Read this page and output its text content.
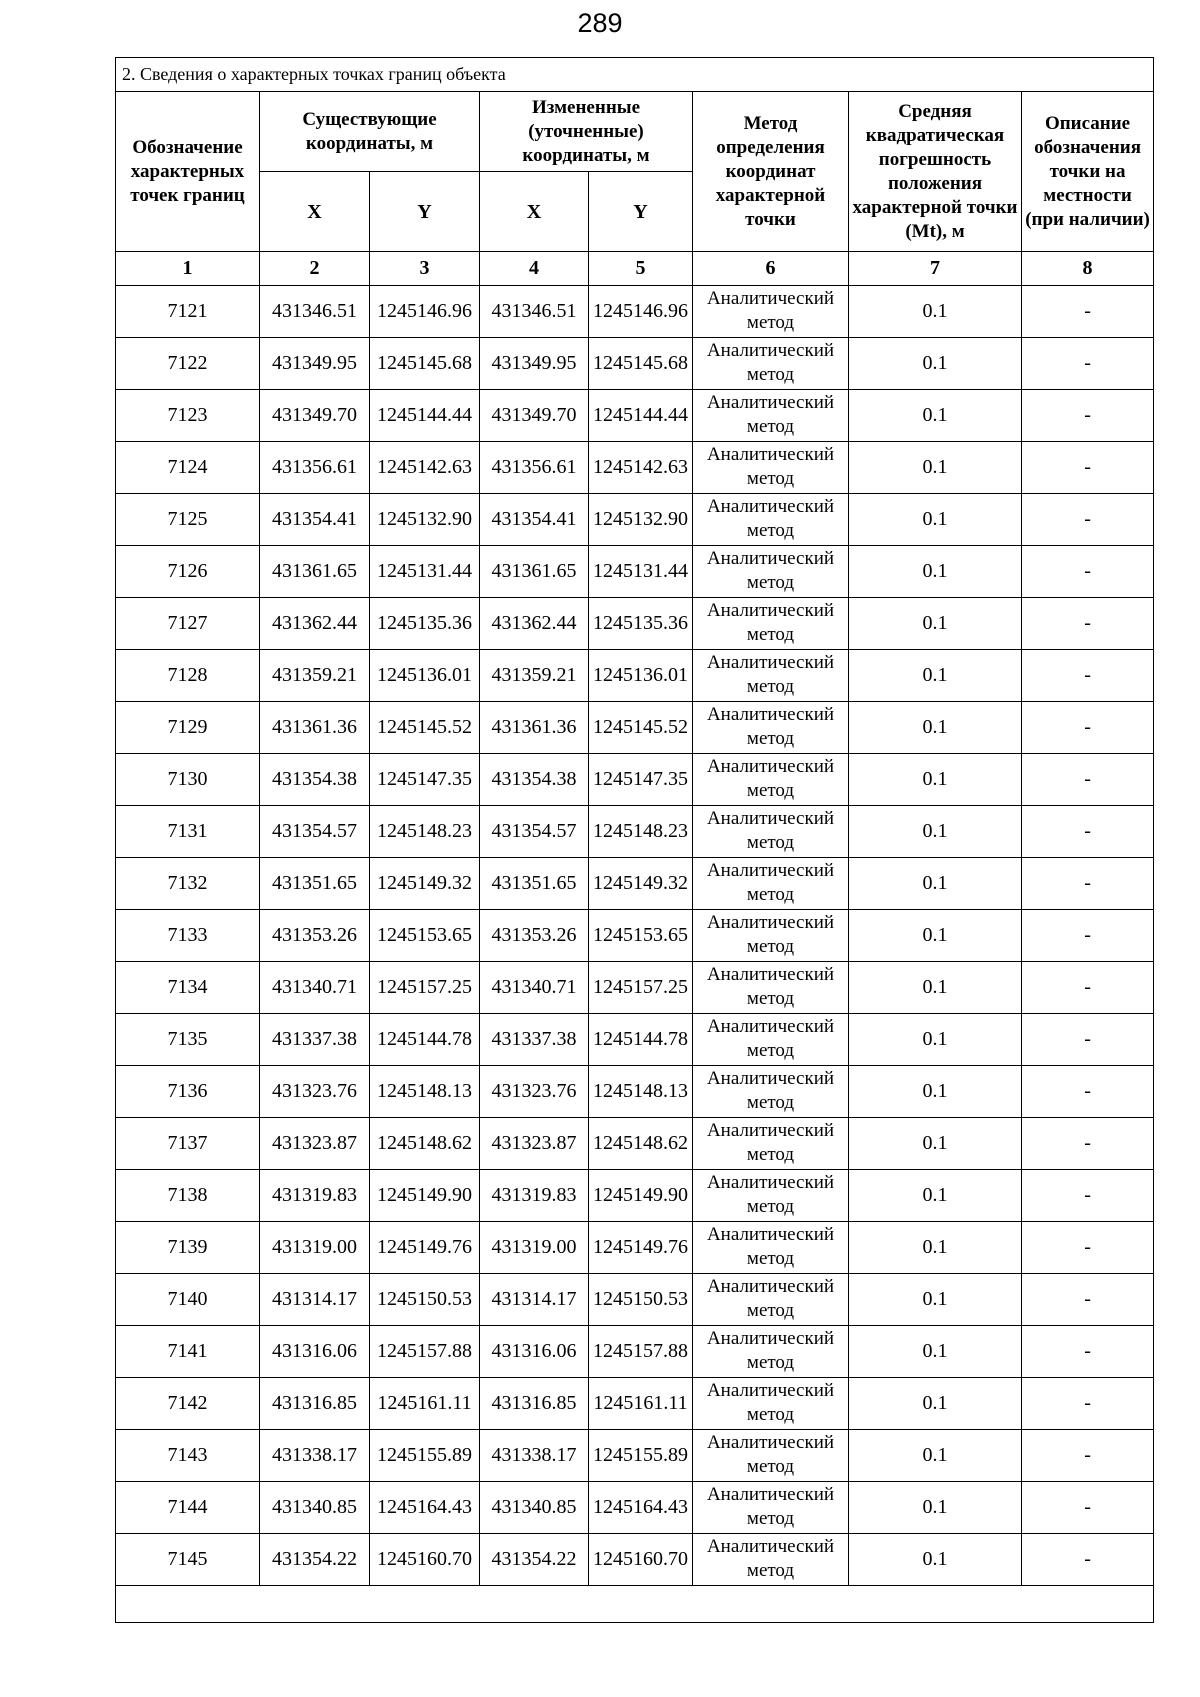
289
2. Сведения о характерных точках границ объекта							
Обозначение характерных точек границ	Существующие координаты, м		Измененные (уточненные) координаты, м		Метод определения координат характерной точки	Средняя квадратическая погрешность положения характерной точки (Mt), м	Описание обозначения точки на местности (при наличии)
	X	Y	X	Y			
1	2	3	4	5	6	7	8
7121	431346.51	1245146.96	431346.51	1245146.96	Аналитический метод	0.1	-
7122	431349.95	1245145.68	431349.95	1245145.68	Аналитический метод	0.1	-
7123	431349.70	1245144.44	431349.70	1245144.44	Аналитический метод	0.1	-
7124	431356.61	1245142.63	431356.61	1245142.63	Аналитический метод	0.1	-
7125	431354.41	1245132.90	431354.41	1245132.90	Аналитический метод	0.1	-
7126	431361.65	1245131.44	431361.65	1245131.44	Аналитический метод	0.1	-
7127	431362.44	1245135.36	431362.44	1245135.36	Аналитический метод	0.1	-
7128	431359.21	1245136.01	431359.21	1245136.01	Аналитический метод	0.1	-
7129	431361.36	1245145.52	431361.36	1245145.52	Аналитический метод	0.1	-
7130	431354.38	1245147.35	431354.38	1245147.35	Аналитический метод	0.1	-
7131	431354.57	1245148.23	431354.57	1245148.23	Аналитический метод	0.1	-
7132	431351.65	1245149.32	431351.65	1245149.32	Аналитический метод	0.1	-
7133	431353.26	1245153.65	431353.26	1245153.65	Аналитический метод	0.1	-
7134	431340.71	1245157.25	431340.71	1245157.25	Аналитический метод	0.1	-
7135	431337.38	1245144.78	431337.38	1245144.78	Аналитический метод	0.1	-
7136	431323.76	1245148.13	431323.76	1245148.13	Аналитический метод	0.1	-
7137	431323.87	1245148.62	431323.87	1245148.62	Аналитический метод	0.1	-
7138	431319.83	1245149.90	431319.83	1245149.90	Аналитический метод	0.1	-
7139	431319.00	1245149.76	431319.00	1245149.76	Аналитический метод	0.1	-
7140	431314.17	1245150.53	431314.17	1245150.53	Аналитический метод	0.1	-
7141	431316.06	1245157.88	431316.06	1245157.88	Аналитический метод	0.1	-
7142	431316.85	1245161.11	431316.85	1245161.11	Аналитический метод	0.1	-
7143	431338.17	1245155.89	431338.17	1245155.89	Аналитический метод	0.1	-
7144	431340.85	1245164.43	431340.85	1245164.43	Аналитический метод	0.1	-
7145	431354.22	1245160.70	431354.22	1245160.70	Аналитический метод	0.1	-
